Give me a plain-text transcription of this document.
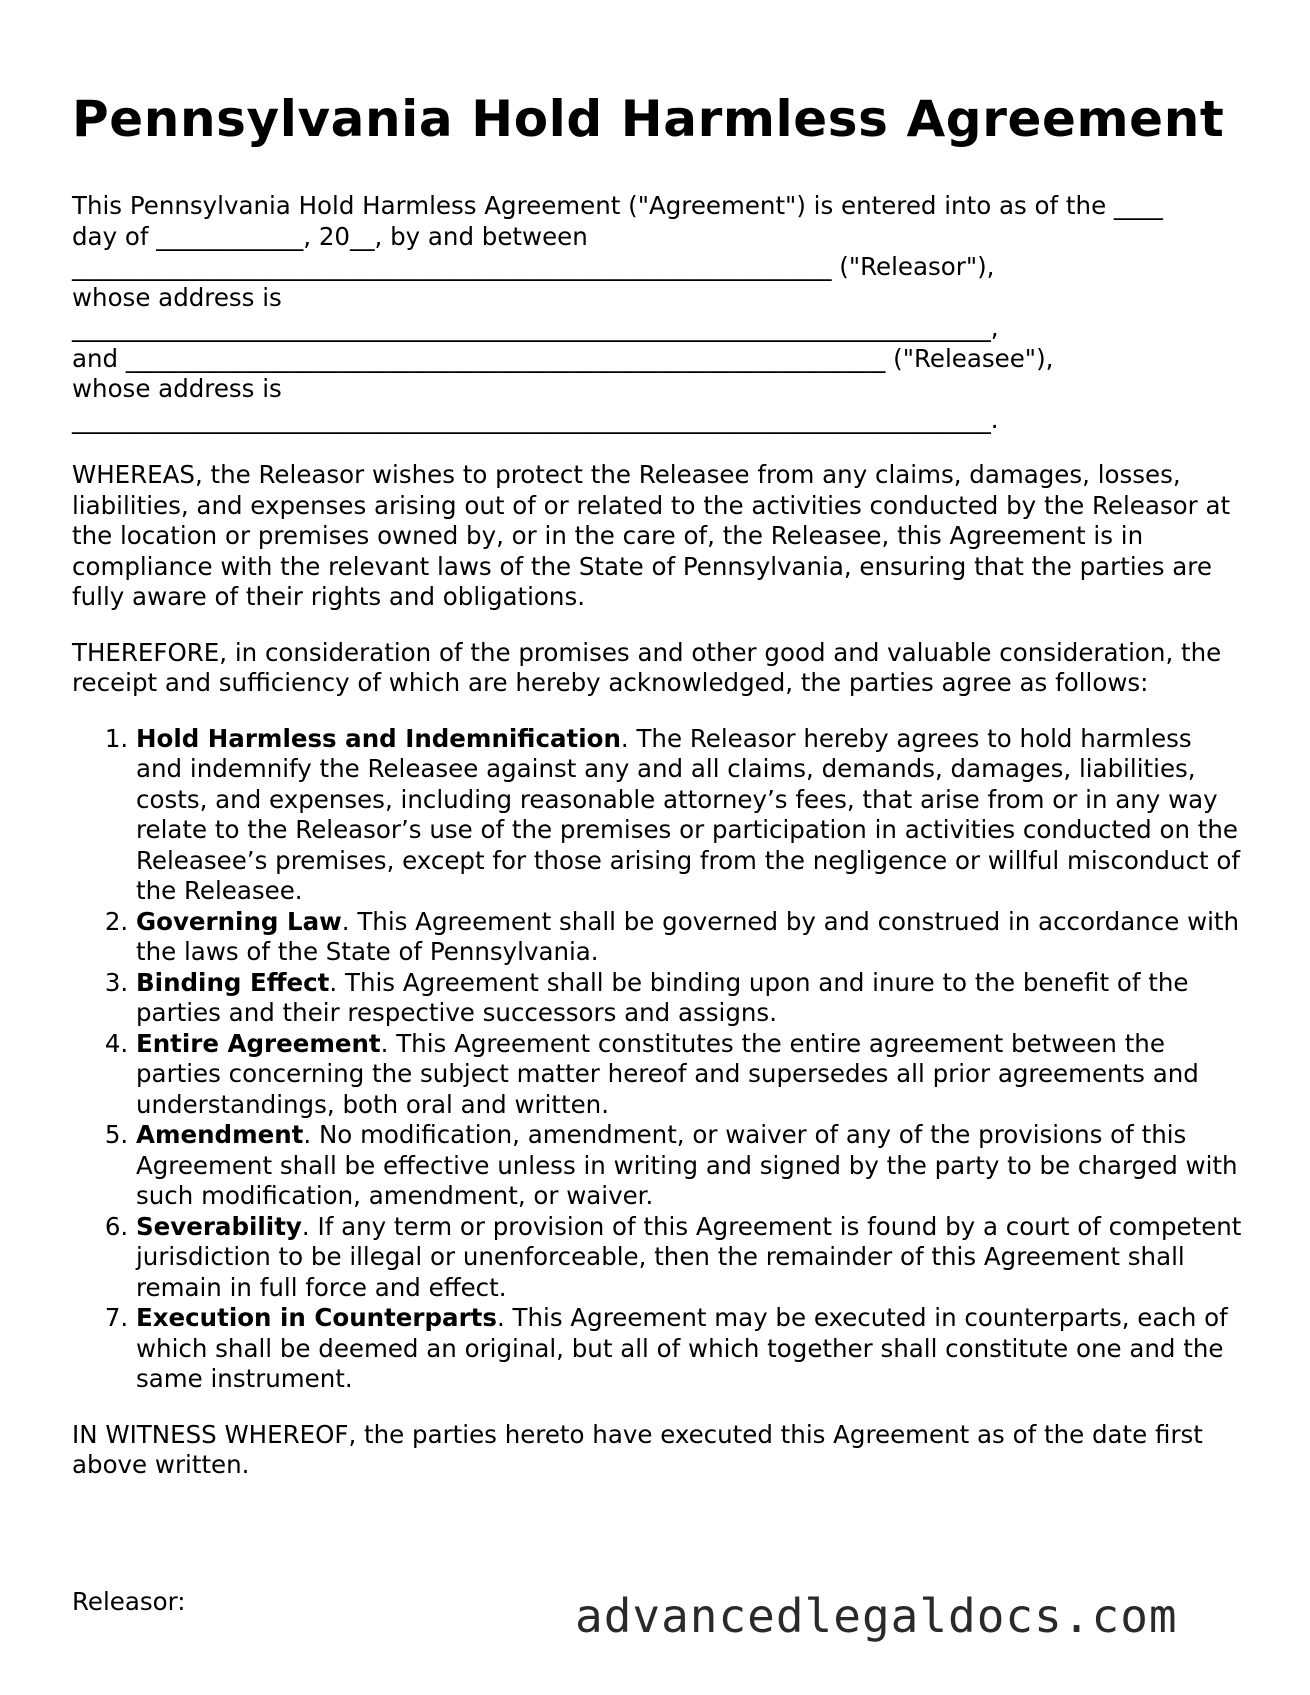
Pennsylvania Hold Harmless Agreement

This Pennsylvania Hold Harmless Agreement ("Agreement") is entered into as of the ____
day of ____________, 20__, by and between
______________________________________________________________ ("Releasor"),
whose address is
___________________________________________________________________________,
and ______________________________________________________________ ("Releasee"),
whose address is
___________________________________________________________________________.

WHEREAS, the Releasor wishes to protect the Releasee from any claims, damages, losses, liabilities, and expenses arising out of or related to the activities conducted by the Releasor at the location or premises owned by, or in the care of, the Releasee, this Agreement is in compliance with the relevant laws of the State of Pennsylvania, ensuring that the parties are fully aware of their rights and obligations.

THEREFORE, in consideration of the promises and other good and valuable consideration, the receipt and sufficiency of which are hereby acknowledged, the parties agree as follows:

1. Hold Harmless and Indemnification. The Releasor hereby agrees to hold harmless and indemnify the Releasee against any and all claims, demands, damages, liabilities, costs, and expenses, including reasonable attorney’s fees, that arise from or in any way relate to the Releasor’s use of the premises or participation in activities conducted on the Releasee’s premises, except for those arising from the negligence or willful misconduct of the Releasee.
2. Governing Law. This Agreement shall be governed by and construed in accordance with the laws of the State of Pennsylvania.
3. Binding Effect. This Agreement shall be binding upon and inure to the benefit of the parties and their respective successors and assigns.
4. Entire Agreement. This Agreement constitutes the entire agreement between the parties concerning the subject matter hereof and supersedes all prior agreements and understandings, both oral and written.
5. Amendment. No modification, amendment, or waiver of any of the provisions of this Agreement shall be effective unless in writing and signed by the party to be charged with such modification, amendment, or waiver.
6. Severability. If any term or provision of this Agreement is found by a court of competent jurisdiction to be illegal or unenforceable, then the remainder of this Agreement shall remain in full force and effect.
7. Execution in Counterparts. This Agreement may be executed in counterparts, each of which shall be deemed an original, but all of which together shall constitute one and the same instrument.

IN WITNESS WHEREOF, the parties hereto have executed this Agreement as of the date first above written.

Releasor:	advancedlegaldocs.com
